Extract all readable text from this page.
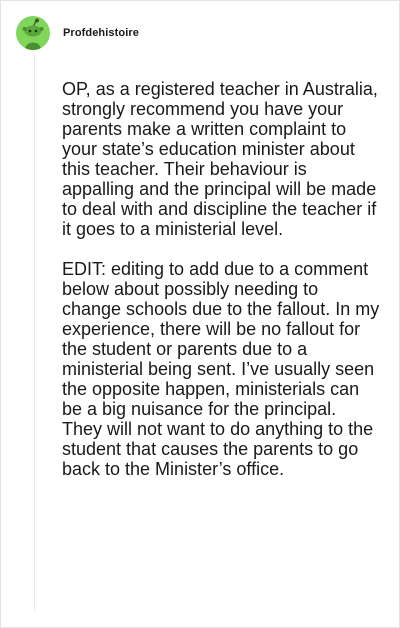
Profdehistoire

OP, as a registered teacher in Australia, strongly recommend you have your parents make a written complaint to your state’s education minister about this teacher. Their behaviour is appalling and the principal will be made to deal with and discipline the teacher if it goes to a ministerial level.

EDIT: editing to add due to a comment below about possibly needing to change schools due to the fallout. In my experience, there will be no fallout for the student or parents due to a ministerial being sent. I’ve usually seen the opposite happen, ministerials can be a big nuisance for the principal. They will not want to do anything to the student that causes the parents to go back to the Minister’s office.
